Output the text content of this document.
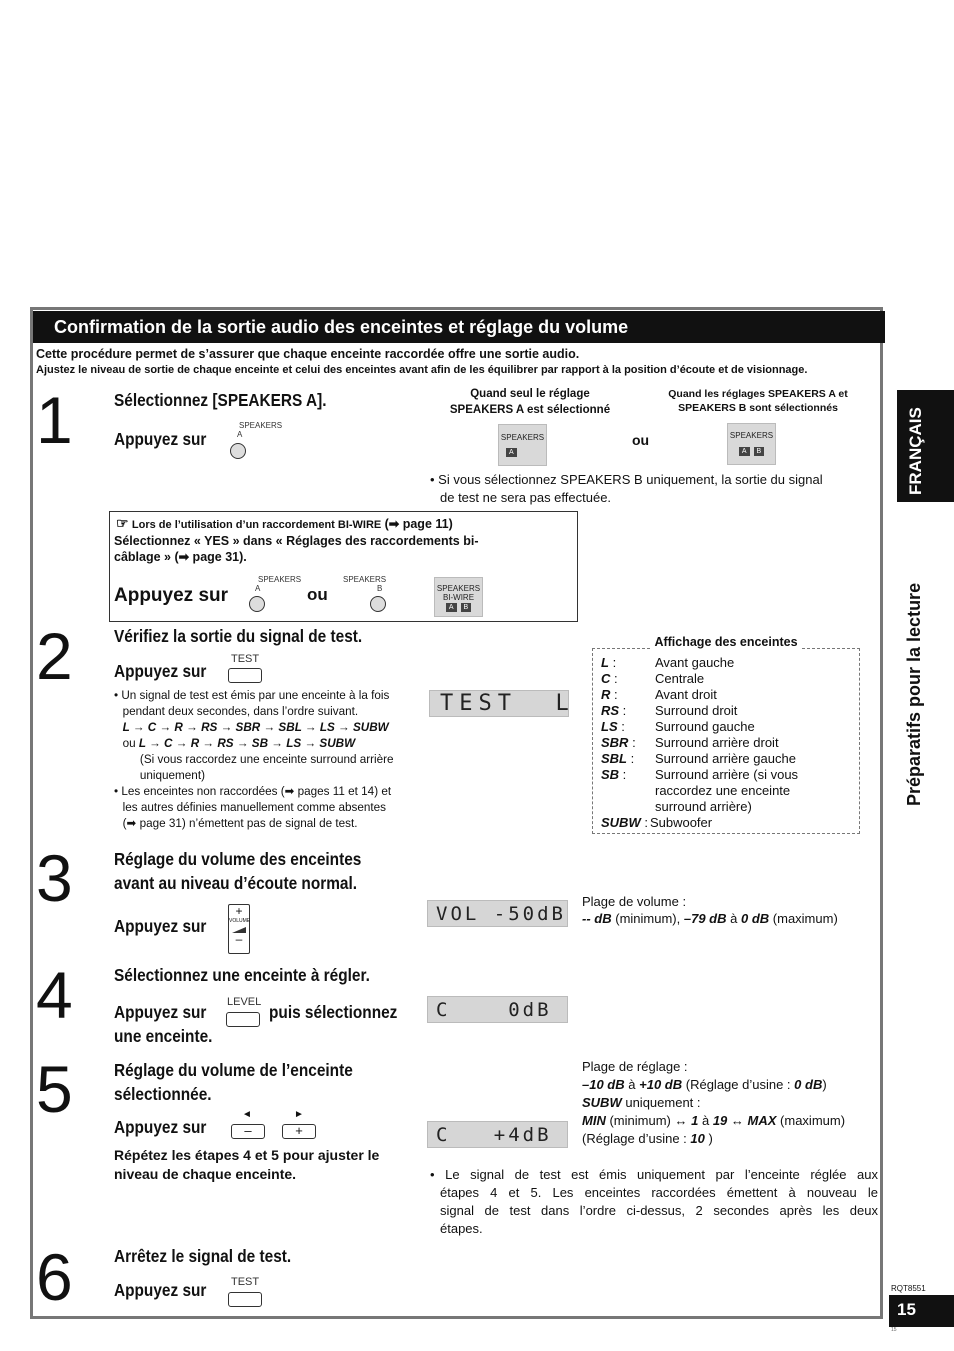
Confirmation de la sortie audio des enceintes et réglage du volume
Cette procédure permet de s’assurer que chaque enceinte raccordée offre une sortie audio.
Ajustez le niveau de sortie de chaque enceinte et celui des enceintes avant afin de les équilibrer par rapport à la position d’écoute et de visionnage.
1 Sélectionnez [SPEAKERS A].
Appuyez sur
SPEAKERS
A
Quand seul le réglage
SPEAKERS A est sélectionné
Quand les réglages SPEAKERS A et
SPEAKERS B sont sélectionnés
SPEAKERS
A
ou	SPEAKERS
A B
• Si vous sélectionnez SPEAKERS B uniquement, la sortie du signal
de test ne sera pas effectuée.
☞ Lors de l’utilisation d’un raccordement BI-WIRE (➡ page 11)
Sélectionnez « YES » dans « Réglages des raccordements bi-
câblage » (➡ page 31).
Appuyez sur
SPEAKERS
A	ou
SPEAKERS
B	SPEAKERS
BI-WIRE
A B
2 Vérifiez la sortie du signal de test.
Appuyez sur
TEST
TEST  L
• Un signal de test est émis par une enceinte à la fois
pendant deux secondes, dans l’ordre suivant.
L → C → R → RS → SBR → SBL → LS → SUBW
ou L → C → R → RS → SB → LS → SUBW
(Si vous raccordez une enceinte surround arrière
uniquement)
• Les enceintes non raccordées (➡ pages 11 et 14) et
les autres définies manuellement comme absentes
(➡ page 31) n’émettent pas de signal de test.
Affichage des enceintes
L :	Avant gauche
C :	Centrale
R :	Avant droit
RS :	Surround droit
LS :	Surround gauche
SBR :	Surround arrière droit
SBL :	Surround arrière gauche
SB :	Surround arrière (si vous
raccordez une enceinte
surround arrière)
SUBW : Subwoofer
3 Réglage du volume des enceintes
avant au niveau d’écoute normal.
Appuyez sur
+
VOLUME
–
VOL -50dB
Plage de volume :
-- dB (minimum), –79 dB à 0 dB (maximum)
4 Sélectionnez une enceinte à régler.
Appuyez sur LEVEL puis sélectionnez
une enceinte.
C    0dB
5 Réglage du volume de l’enceinte
sélectionnée.
Appuyez sur
◄
–
►
+
Répétez les étapes 4 et 5 pour ajuster le
niveau de chaque enceinte.
C   +4dB
Plage de réglage :
–10 dB à +10 dB (Réglage d’usine : 0 dB)
SUBW uniquement :
MIN (minimum) ↔ 1 à 19 ↔ MAX (maximum)
(Réglage d’usine : 10 )
• Le signal de test est émis uniquement par l’enceinte réglée aux
étapes 4 et 5. Les enceintes raccordées émettent à nouveau le
signal de test dans l’ordre ci-dessus, 2 secondes après les deux
étapes.
6 Arrêtez le signal de test.
Appuyez sur TEST
FRANÇAIS
Préparatifs pour la lecture
RQT8551
15
15
